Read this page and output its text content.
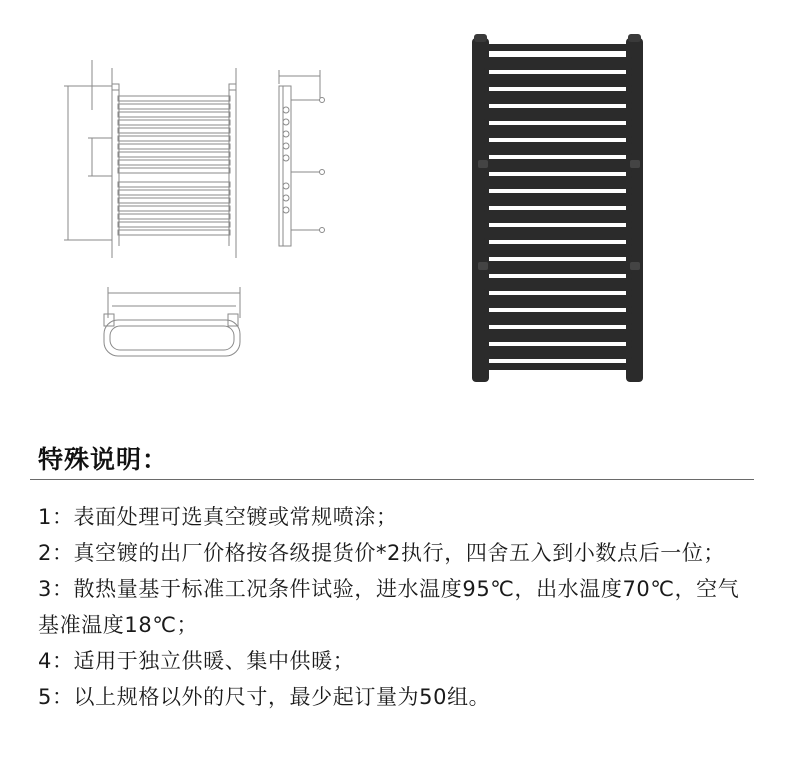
特殊说明：

1：表面处理可选真空镀或常规喷涂；

2：真空镀的出厂价格按各级提货价*2执行，四舍五入到小数点后一位；

3：散热量基于标准工况条件试验，进水温度95℃，出水温度70℃，空气基准温度18℃；

4：适用于独立供暖、集中供暖；

5：以上规格以外的尺寸，最少起订量为50组。
